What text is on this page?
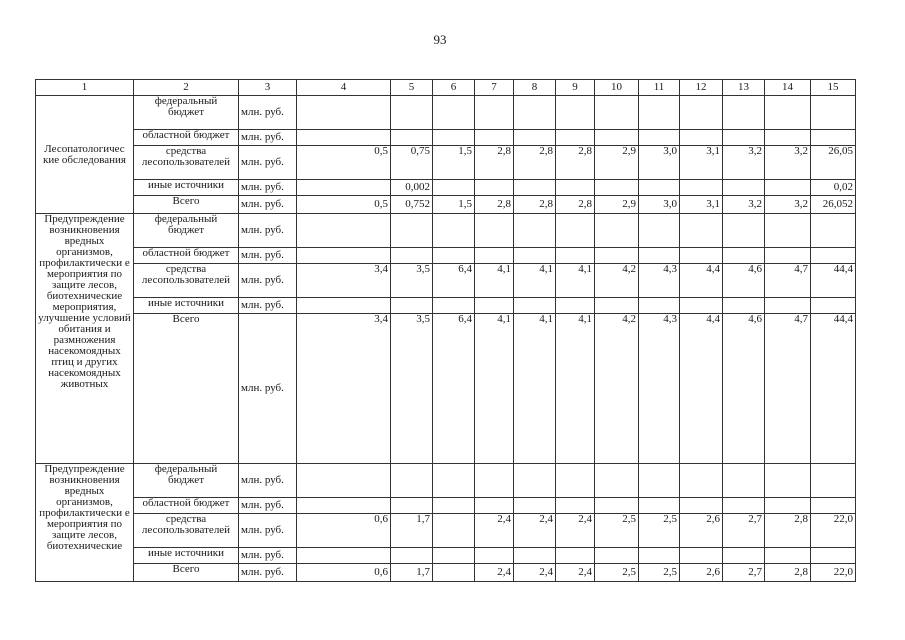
93
1	2	3	4	5	6	7	8	9	10	11	12	13	14	15
Лесопатологичес кие обследования	федеральный бюджет	млн. руб.												
	областной бюджет	млн. руб.												
	средства лесопользователей	млн. руб.	0,5	0,75	1,5	2,8	2,8	2,8	2,9	3,0	3,1	3,2	3,2	26,05
	иные источники	млн. руб.		0,002										0,02
	Всего	млн. руб.	0,5	0,752	1,5	2,8	2,8	2,8	2,9	3,0	3,1	3,2	3,2	26,052
Предупреждение возникновения вредных организмов, профилактически е мероприятия по защите лесов, биотехнические мероприятия, улучшение условий обитания и размножения насекомоядных птиц и других насекомоядных животных	федеральный бюджет	млн. руб.												
	областной бюджет	млн. руб.												
	средства лесопользователей	млн. руб.	3,4	3,5	6,4	4,1	4,1	4,1	4,2	4,3	4,4	4,6	4,7	44,4
	иные источники	млн. руб.												
	Всего	млн. руб.	3,4	3,5	6,4	4,1	4,1	4,1	4,2	4,3	4,4	4,6	4,7	44,4
Предупреждение возникновения вредных организмов, профилактически е мероприятия по защите лесов, биотехнические	федеральный бюджет	млн. руб.												
	областной бюджет	млн. руб.												
	средства лесопользователей	млн. руб.	0,6	1,7		2,4	2,4	2,4	2,5	2,5	2,6	2,7	2,8	22,0
	иные источники	млн. руб.												
	Всего	млн. руб.	0,6	1,7		2,4	2,4	2,4	2,5	2,5	2,6	2,7	2,8	22,0
